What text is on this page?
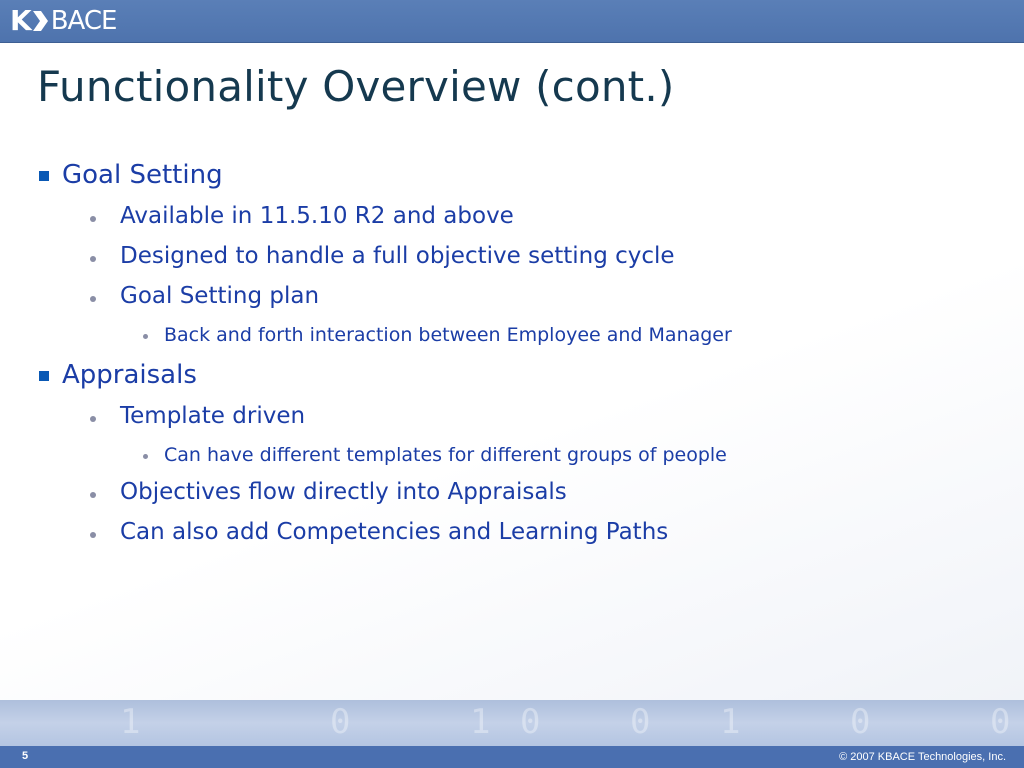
K BACE
Functionality Overview (cont.)
Goal Setting
Available in 11.5.10 R2 and above
Designed to handle a full objective setting cycle
Goal Setting plan
Back and forth interaction between Employee and Manager
Appraisals
Template driven
Can have different templates for different groups of people
Objectives flow directly into Appraisals
Can also add Competencies and Learning Paths
1	0	1 0	0 1	0	0
5	© 2007 KBACE Technologies, Inc.
